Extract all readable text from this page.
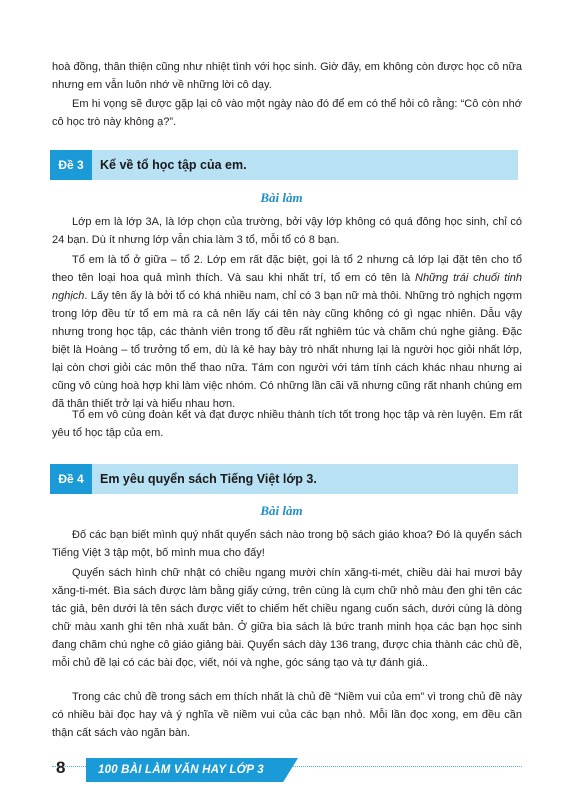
hoà đồng, thân thiện cũng như nhiệt tình với học sinh. Giờ đây, em không còn được học cô nữa nhưng em vẫn luôn nhớ về những lời cô dạy.

Em hi vọng sẽ được gặp lại cô vào một ngày nào đó để em có thể hỏi cô rằng: “Cô còn nhớ cô học trò này không ạ?”.

Đề 3	Kể về tổ học tập của em.
Bài làm

Lớp em là lớp 3A, là lớp chọn của trường, bởi vậy lớp không có quá đông học sinh, chỉ có 24 bạn. Dù ít nhưng lớp vẫn chia làm 3 tổ, mỗi tổ có 8 bạn.

Tổ em là tổ ở giữa – tổ 2. Lớp em rất đặc biệt, gọi là tổ 2 nhưng cả lớp lại đặt tên cho tổ theo tên loại hoa quả mình thích. Và sau khi nhất trí, tổ em có tên là Những trái chuối tinh nghịch. Lấy tên ấy là bởi tổ có khá nhiều nam, chỉ có 3 bạn nữ mà thôi. Những trò nghịch ngợm trong lớp đều từ tổ em mà ra cả nên lấy cái tên này cũng không có gì ngạc nhiên. Dẫu vậy nhưng trong học tập, các thành viên trong tổ đều rất nghiêm túc và chăm chú nghe giảng. Đặc biệt là Hoàng – tổ trưởng tổ em, dù là kẻ hay bày trò nhất nhưng lại là người học giỏi nhất lớp, lại còn chơi giỏi các môn thể thao nữa. Tám con người với tám tính cách khác nhau nhưng ai cũng vô cùng hoà hợp khi làm việc nhóm. Có những lần cãi vã nhưng cũng rất nhanh chúng em đã thân thiết trở lại và hiểu nhau hơn.

Tổ em vô cùng đoàn kết và đạt được nhiều thành tích tốt trong học tập và rèn luyện. Em rất yêu tổ học tập của em.

Đề 4	Em yêu quyển sách Tiếng Việt lớp 3.
Bài làm

Đố các bạn biết mình quý nhất quyển sách nào trong bộ sách giáo khoa? Đó là quyển sách Tiếng Việt 3 tập một, bố mình mua cho đấy!

Quyển sách hình chữ nhật có chiều ngang mười chín xăng-ti-mét, chiều dài hai mươi bảy xăng-ti-mét. Bìa sách được làm bằng giấy cứng, trên cùng là cụm chữ nhỏ màu đen ghi tên các tác giả, bên dưới là tên sách được viết to chiếm hết chiều ngang cuốn sách, dưới cùng là dòng chữ màu xanh ghi tên nhà xuất bản. Ở giữa bìa sách là bức tranh minh họa các bạn học sinh đang chăm chú nghe cô giáo giảng bài. Quyển sách dày 136 trang, được chia thành các chủ đề, mỗi chủ đề lại có các bài đọc, viết, nói và nghe, góc sáng tạo và tự đánh giá..

Trong các chủ đề trong sách em thích nhất là chủ đề “Niềm vui của em” vì trong chủ đề này có nhiều bài đọc hay và ý nghĩa về niềm vui của các bạn nhỏ. Mỗi lần đọc xong, em đều cần thận cất sách vào ngăn bàn.

8	100 BÀI LÀM VĂN HAY LỚP 3
